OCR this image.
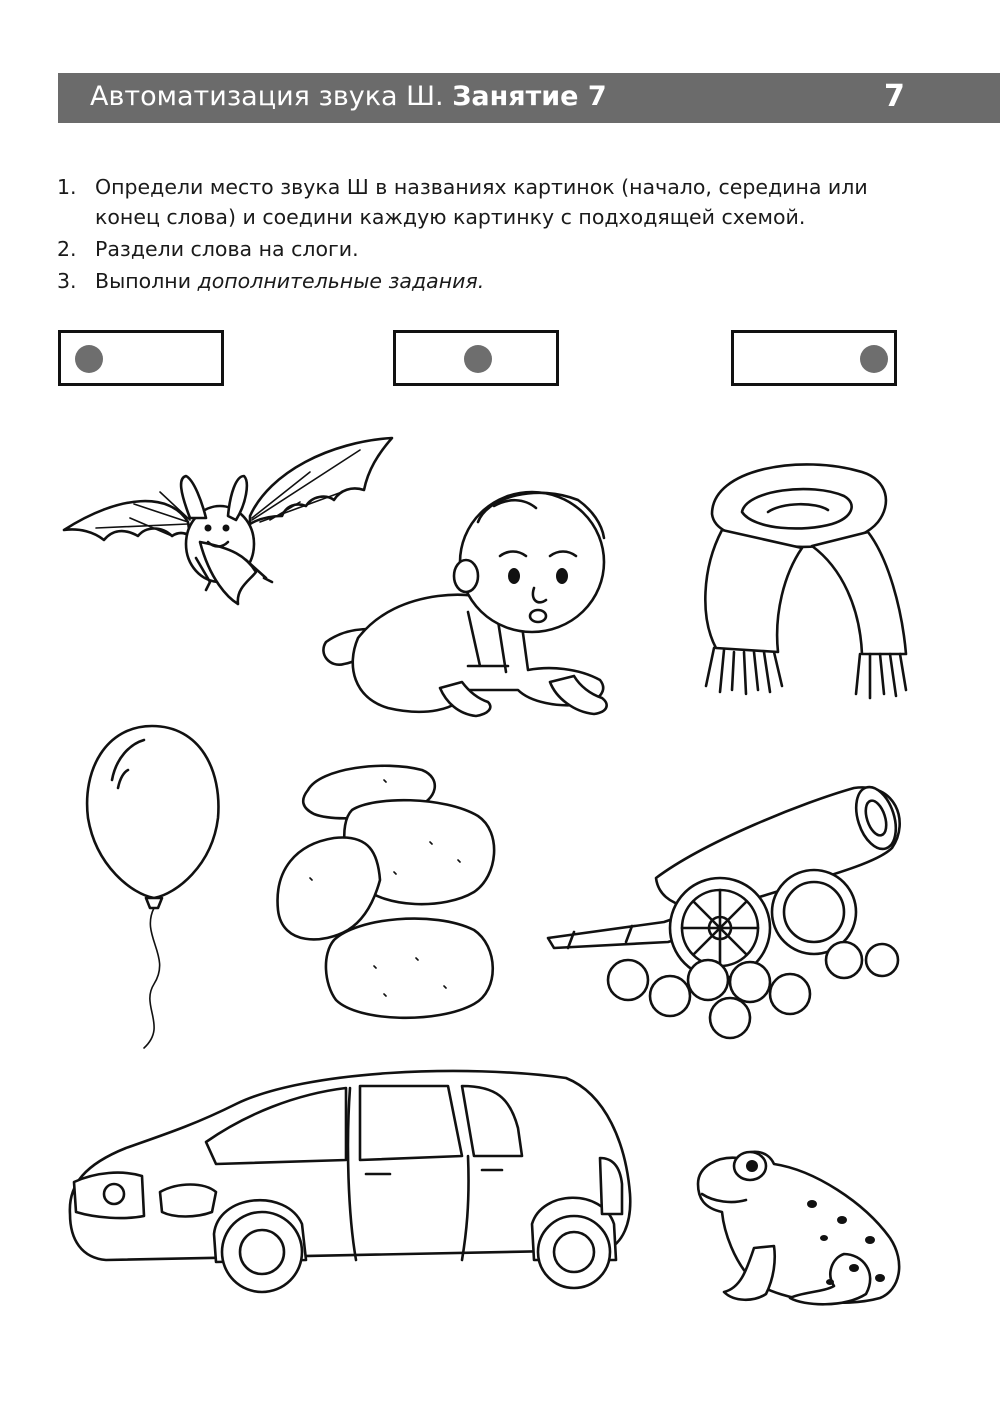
Автоматизация звука Ш. Занятие 7	7
1. Определи место звука Ш в названиях картинок (начало, середина или конец слова) и соедини каждую картинку с подходящей схемой.
2. Раздели слова на слоги.
3. Выполни дополнительные задания.
